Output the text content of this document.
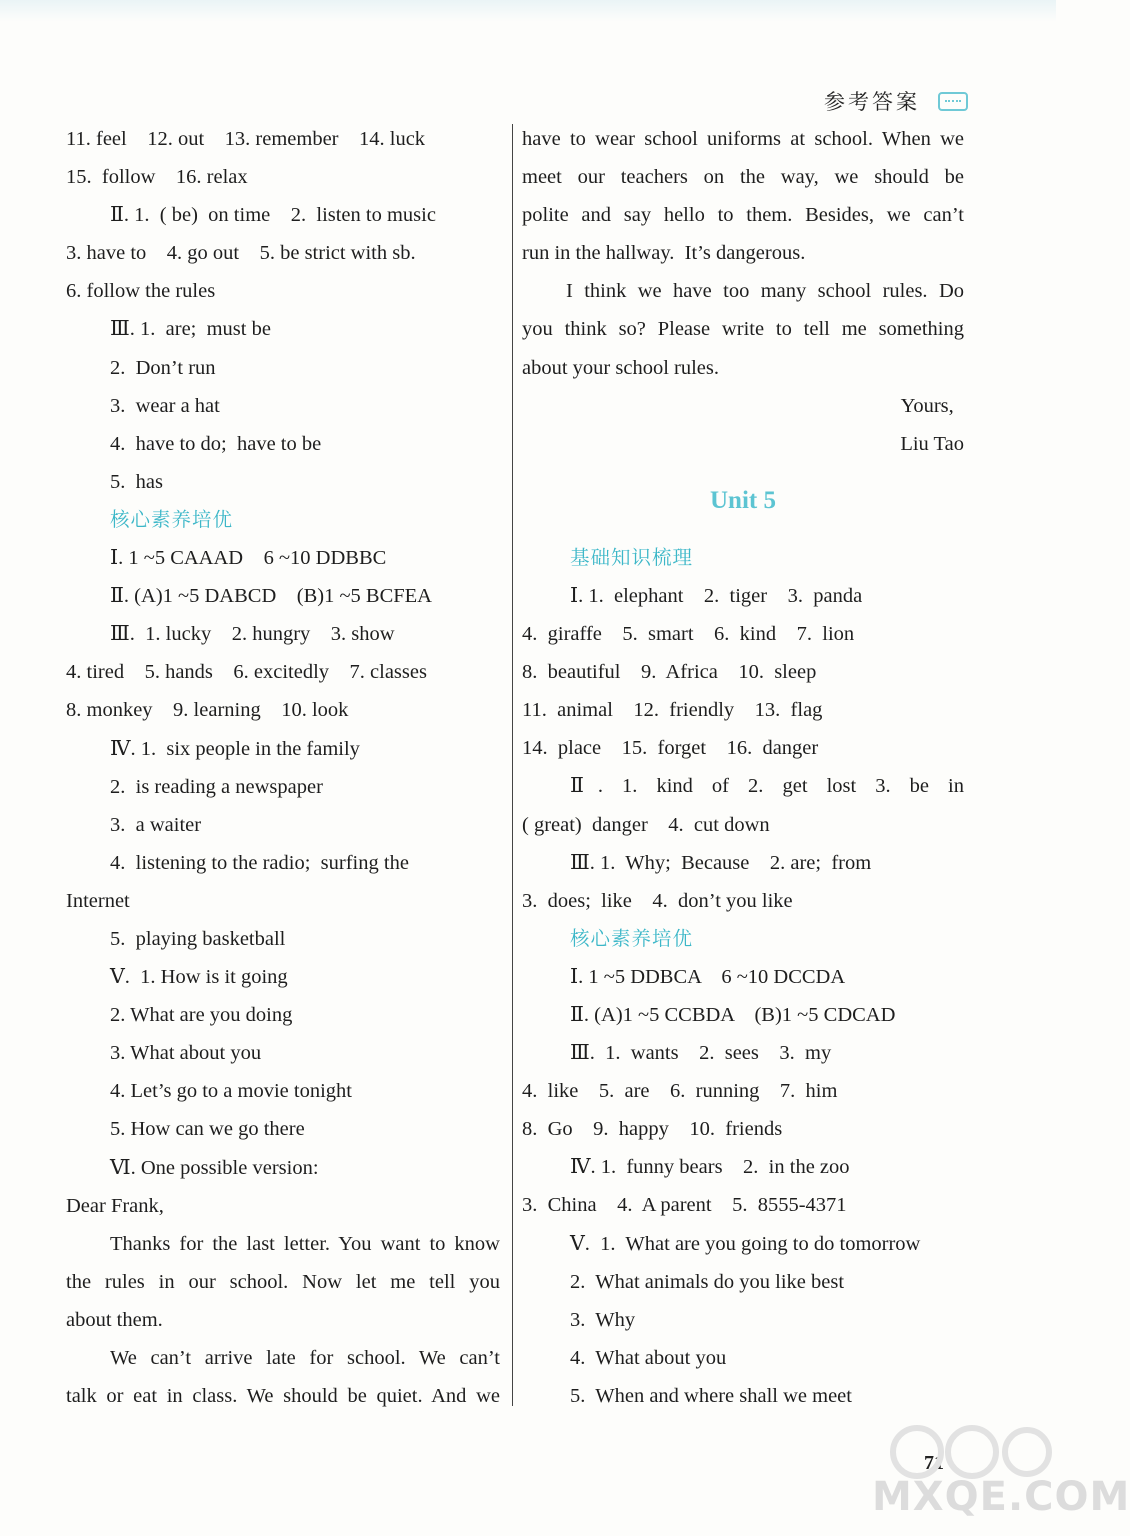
参考答案
11. feel    12. out    13. remember    14. luck
15.  follow    16. relax
Ⅱ. 1.  ( be)  on time    2.  listen to music
3. have to    4. go out    5. be strict with sb.
6. follow the rules
Ⅲ. 1.  are;  must be
2.  Don’t run
3.  wear a hat
4.  have to do;  have to be
5.  has
核心素养培优
Ⅰ. 1 ~5 CAAAD    6 ~10 DDBBC
Ⅱ. (A)1 ~5 DABCD    (B)1 ~5 BCFEA
Ⅲ.  1. lucky    2. hungry    3. show
4. tired    5. hands    6. excitedly    7. classes
8. monkey    9. learning    10. look
Ⅳ. 1.  six people in the family
2.  is reading a newspaper
3.  a waiter
4.  listening to the radio;  surfing the
Internet
5.  playing basketball
Ⅴ.  1. How is it going
2. What are you doing
3. What about you
4. Let’s go to a movie tonight
5. How can we go there
Ⅵ. One possible version:
Dear Frank,
Thanks for the last letter. You want to know
the rules in our school. Now let me tell you
about them.
We can’t arrive late for school. We can’t
talk or eat in class. We should be quiet. And we
have to wear school uniforms at school. When we
meet our teachers on the way, we should be
polite and say hello to them. Besides, we can’t
run in the hallway.  It’s dangerous.
I think we have too many school rules. Do
you think so? Please write to tell me something
about your school rules.
Yours,
Liu Tao
Unit 5
基础知识梳理
Ⅰ. 1.  elephant    2.  tiger    3.  panda
4.  giraffe    5.  smart    6.  kind    7.  lion
8.  beautiful    9.  Africa    10.  sleep
11.  animal    12.  friendly    13.  flag
14.  place    15.  forget    16.  danger
Ⅱ. 1. kind of 2. get lost 3. be in
( great)  danger    4.  cut down
Ⅲ. 1.  Why;  Because    2. are;  from
3.  does;  like    4.  don’t you like
核心素养培优
Ⅰ. 1 ~5 DDBCA    6 ~10 DCCDA
Ⅱ. (A)1 ~5 CCBDA    (B)1 ~5 CDCAD
Ⅲ.  1.  wants    2.  sees    3.  my
4.  like    5.  are    6.  running    7.  him
8.  Go    9.  happy    10.  friends
Ⅳ. 1.  funny bears    2.  in the zoo
3.  China    4.  A parent    5.  8555-4371
Ⅴ.  1.  What are you going to do tomorrow
2.  What animals do you like best
3.  Why
4.  What about you
5.  When and where shall we meet
71
MXQE.COM
